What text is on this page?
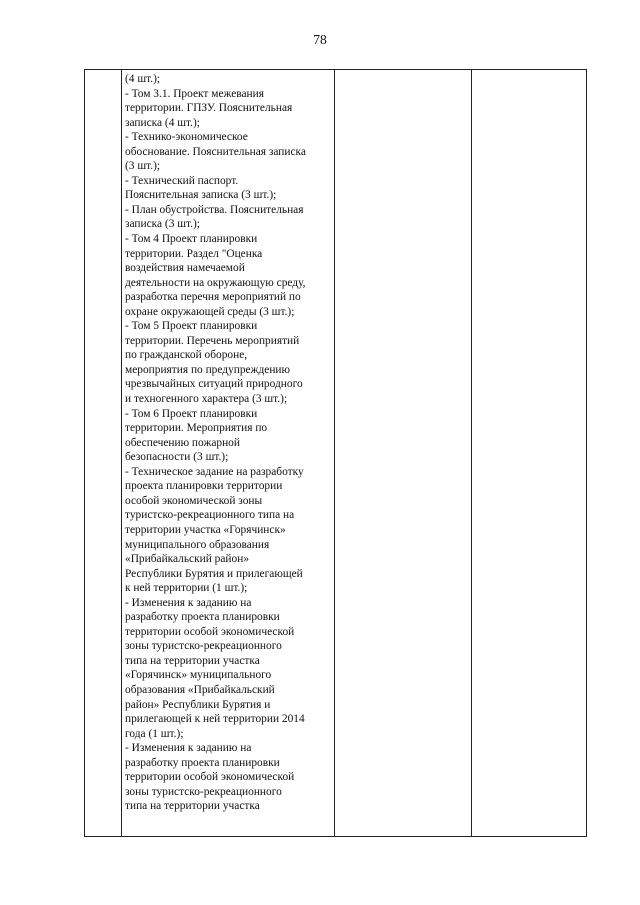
78

(4 шт.);
- Том 3.1. Проект межевания
территории. ГПЗУ. Пояснительная
записка (4 шт.);
- Технико-экономическое
обоснование. Пояснительная записка
(3 шт.);
- Технический паспорт.
Пояснительная записка (3 шт.);
- План обустройства. Пояснительная
записка (3 шт.);
- Том 4 Проект планировки
территории. Раздел "Оценка
воздействия намечаемой
деятельности на окружающую среду,
разработка перечня мероприятий по
охране окружающей среды (3 шт.);
- Том 5 Проект планировки
территории. Перечень мероприятий
по гражданской обороне,
мероприятия по предупреждению
чрезвычайных ситуаций природного
и техногенного характера (3 шт.);
- Том 6 Проект планировки
территории. Мероприятия по
обеспечению пожарной
безопасности (3 шт.);
- Техническое задание на разработку
проекта планировки территории
особой экономической зоны
туристско-рекреационного типа на
территории участка «Горячинск»
муниципального образования
«Прибайкальский район»
Республики Бурятия и прилегающей
к ней территории (1 шт.);
- Изменения к заданию на
разработку проекта планировки
территории особой экономической
зоны туристско-рекреационного
типа на территории участка
«Горячинск» муниципального
образования «Прибайкальский
район» Республики Бурятия и
прилегающей к ней территории 2014
года (1 шт.);
- Изменения к заданию на
разработку проекта планировки
территории особой экономической
зоны туристско-рекреационного
типа на территории участка
